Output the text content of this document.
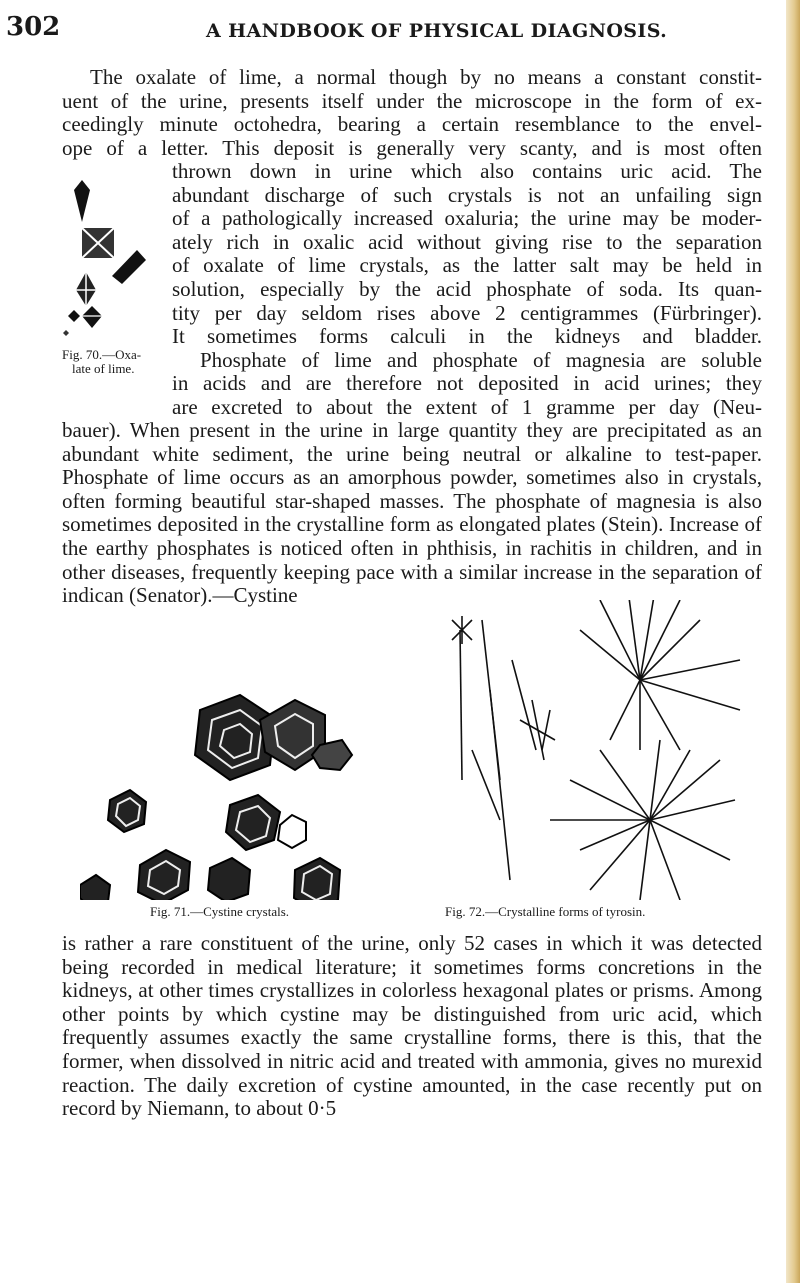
302	A HANDBOOK OF PHYSICAL DIAGNOSIS.
The oxalate of lime, a normal though by no means a constant constit-
uent of the urine, presents itself under the microscope in the form of ex-
ceedingly minute octohedra, bearing a certain resemblance to the envel-
ope of a letter. This deposit is generally very scanty, and is most often
thrown down in urine which also contains uric acid. The
abundant discharge of such crystals is not an unfailing sign
of a pathologically increased oxaluria; the urine may be moder-
ately rich in oxalic acid without giving rise to the separation
of oxalate of lime crystals, as the latter salt may be held in
solution, especially by the acid phosphate of soda. Its quan-
tity per day seldom rises above 2 centigrammes (Fürbringer).
It sometimes forms calculi in the kidneys and bladder.
Phosphate of lime and phosphate of magnesia are soluble
in acids and are therefore not deposited in acid urines; they
are excreted to about the extent of 1 gramme per day (Neu-
Fig. 70.—Oxa-
late of lime.

bauer). When present in the urine in large quantity they are precipitated as an abundant white sediment, the urine being neutral or alkaline to test-paper. Phosphate of lime occurs as an amorphous powder, sometimes also in crystals, often forming beautiful star-shaped masses. The phosphate of magnesia is also sometimes deposited in the crystalline form as elongated plates (Stein). Increase of the earthy phosphates is noticed often in phthisis, in rachitis in children, and in other diseases, frequently keeping pace with a similar increase in the separation of indican (Senator).—Cystine

Fig. 71.—Cystine crystals.	Fig. 72.—Crystalline forms of tyrosin.

is rather a rare constituent of the urine, only 52 cases in which it was detected being recorded in medical literature; it sometimes forms concretions in the kidneys, at other times crystallizes in colorless hexagonal plates or prisms. Among other points by which cystine may be distinguished from uric acid, which frequently assumes exactly the same crystalline forms, there is this, that the former, when dissolved in nitric acid and treated with ammonia, gives no murexid reaction. The daily excretion of cystine amounted, in the case recently put on record by Niemann, to about 0·5
